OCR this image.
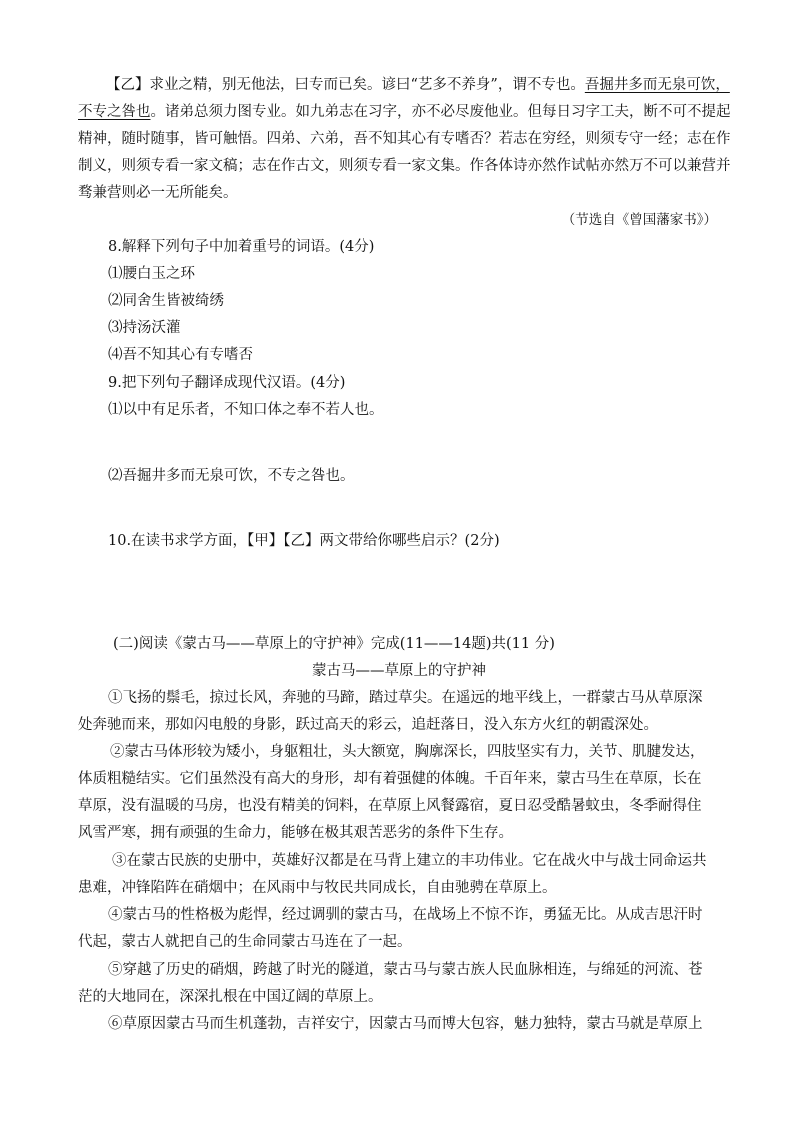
【乙】求业之精，别无他法，曰专而已矣。谚曰“艺多不养身”，谓不专也。吾掘井多而无泉可饮，
不专之咎也。诸弟总须力图专业。如九弟志在习字，亦不必尽废他业。但每日习字工夫，断不可不提起
精神，随时随事，皆可触悟。四弟、六弟，吾不知其心有专嗜否？若志在穷经，则须专守一经；志在作
制义，则须专看一家文稿；志在作古文，则须专看一家文集。作各体诗亦然作试帖亦然万不可以兼营并
骛兼营则必一无所能矣。
（节选自《曾国藩家书》）
8.解释下列句子中加着重号的词语。(4分)
⑴腰白玉之环
⑵同舍生皆被绮绣
⑶持汤沃灌
⑷吾不知其心有专嗜否
9.把下列句子翻译成现代汉语。(4分)
⑴以中有足乐者，不知口体之奉不若人也。
⑵吾掘井多而无泉可饮，不专之咎也。
10.在读书求学方面，【甲】【乙】两文带给你哪些启示？(2分)
(二)阅读《蒙古马——草原上的守护神》完成(11——14题)共(11 分)
蒙古马——草原上的守护神
①飞扬的鬃毛，掠过长风，奔驰的马蹄，踏过草尖。在遥远的地平线上，一群蒙古马从草原深
处奔驰而来，那如闪电般的身影，跃过高天的彩云，追赶落日，没入东方火红的朝霞深处。
②蒙古马体形较为矮小，身躯粗壮，头大额宽，胸廓深长，四肢坚实有力，关节、肌腱发达，
体质粗糙结实。它们虽然没有高大的身形，却有着强健的体魄。千百年来，蒙古马生在草原，长在
草原，没有温暖的马房，也没有精美的饲料，在草原上风餐露宿，夏日忍受酷暑蚊虫，冬季耐得住
风雪严寒，拥有顽强的生命力，能够在极其艰苦恶劣的条件下生存。
③在蒙古民族的史册中，英雄好汉都是在马背上建立的丰功伟业。它在战火中与战士同命运共
患难，冲锋陷阵在硝烟中；在风雨中与牧民共同成长，自由驰骋在草原上。
④蒙古马的性格极为彪悍，经过调驯的蒙古马，在战场上不惊不诈，勇猛无比。从成吉思汗时
代起，蒙古人就把自己的生命同蒙古马连在了一起。
⑤穿越了历史的硝烟，跨越了时光的隧道，蒙古马与蒙古族人民血脉相连，与绵延的河流、苍
茫的大地同在，深深扎根在中国辽阔的草原上。
⑥草原因蒙古马而生机蓬勃，吉祥安宁，因蒙古马而博大包容，魅力独特，蒙古马就是草原上
